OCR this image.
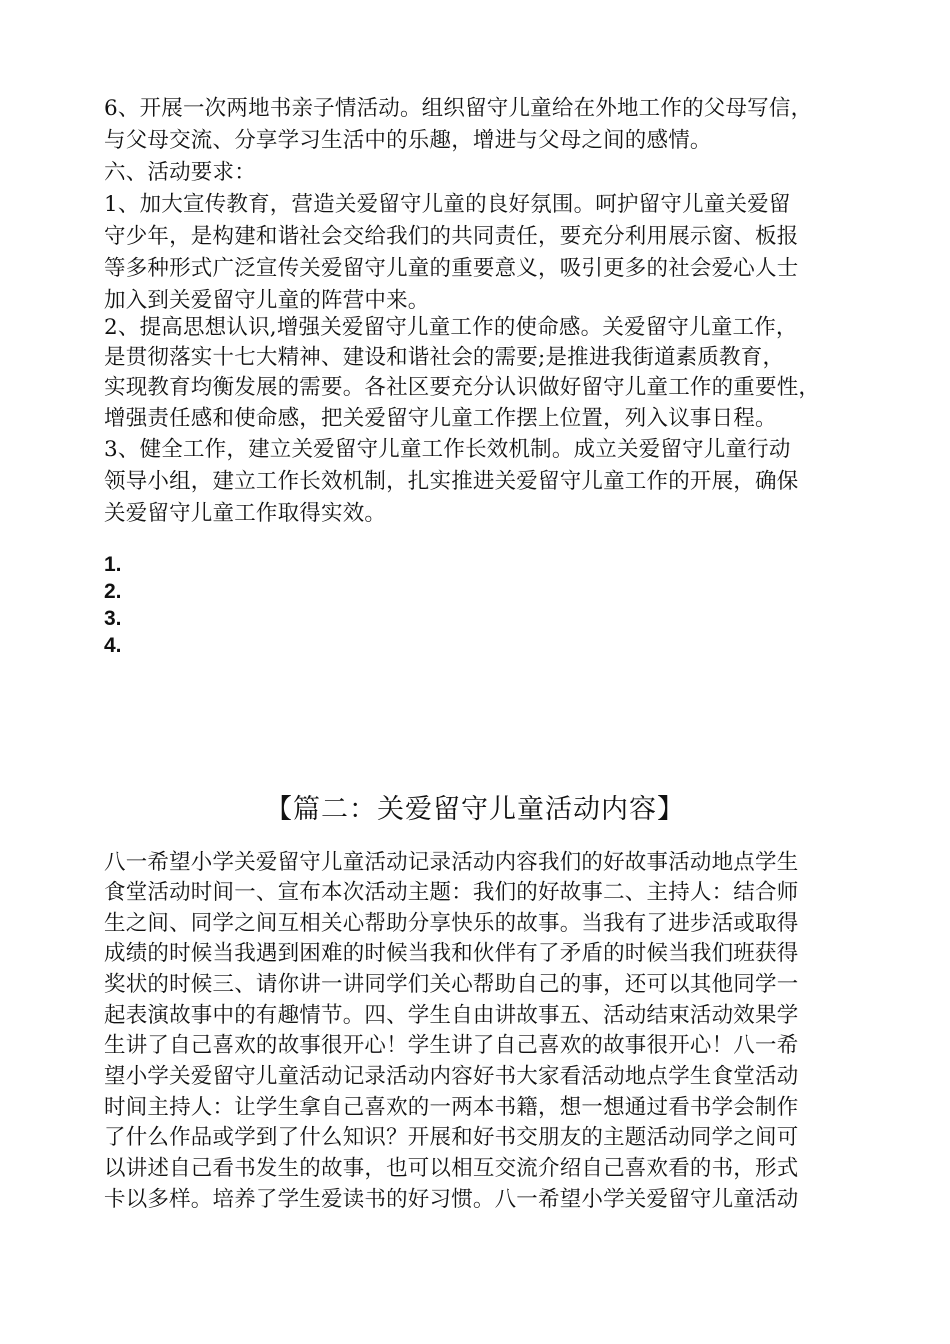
6、开展一次两地书亲子情活动。组织留守儿童给在外地工作的父母写信，
与父母交流、分享学习生活中的乐趣，增进与父母之间的感情。
六、活动要求：
1、加大宣传教育，营造关爱留守儿童的良好氛围。呵护留守儿童关爱留
守少年，是构建和谐社会交给我们的共同责任，要充分利用展示窗、板报
等多种形式广泛宣传关爱留守儿童的重要意义，吸引更多的社会爱心人士
加入到关爱留守儿童的阵营中来。
2、提高思想认识,增强关爱留守儿童工作的使命感。关爱留守儿童工作，
是贯彻落实十七大精神、建设和谐社会的需要;是推进我街道素质教育，
实现教育均衡发展的需要。各社区要充分认识做好留守儿童工作的重要性，
增强责任感和使命感，把关爱留守儿童工作摆上位置，列入议事日程。
3、健全工作，建立关爱留守儿童工作长效机制。成立关爱留守儿童行动
领导小组，建立工作长效机制，扎实推进关爱留守儿童工作的开展，确保
关爱留守儿童工作取得实效。
1.
2.
3.
4.
【篇二：关爱留守儿童活动内容】
八一希望小学关爱留守儿童活动记录活动内容我们的好故事活动地点学生
食堂活动时间一、宣布本次活动主题：我们的好故事二、主持人：结合师
生之间、同学之间互相关心帮助分享快乐的故事。当我有了进步活或取得
成绩的时候当我遇到困难的时候当我和伙伴有了矛盾的时候当我们班获得
奖状的时候三、请你讲一讲同学们关心帮助自己的事，还可以其他同学一
起表演故事中的有趣情节。四、学生自由讲故事五、活动结束活动效果学
生讲了自己喜欢的故事很开心！学生讲了自己喜欢的故事很开心！八一希
望小学关爱留守儿童活动记录活动内容好书大家看活动地点学生食堂活动
时间主持人：让学生拿自己喜欢的一两本书籍，想一想通过看书学会制作
了什么作品或学到了什么知识？开展和好书交朋友的主题活动同学之间可
以讲述自己看书发生的故事，也可以相互交流介绍自己喜欢看的书，形式
卡以多样。培养了学生爱读书的好习惯。八一希望小学关爱留守儿童活动
